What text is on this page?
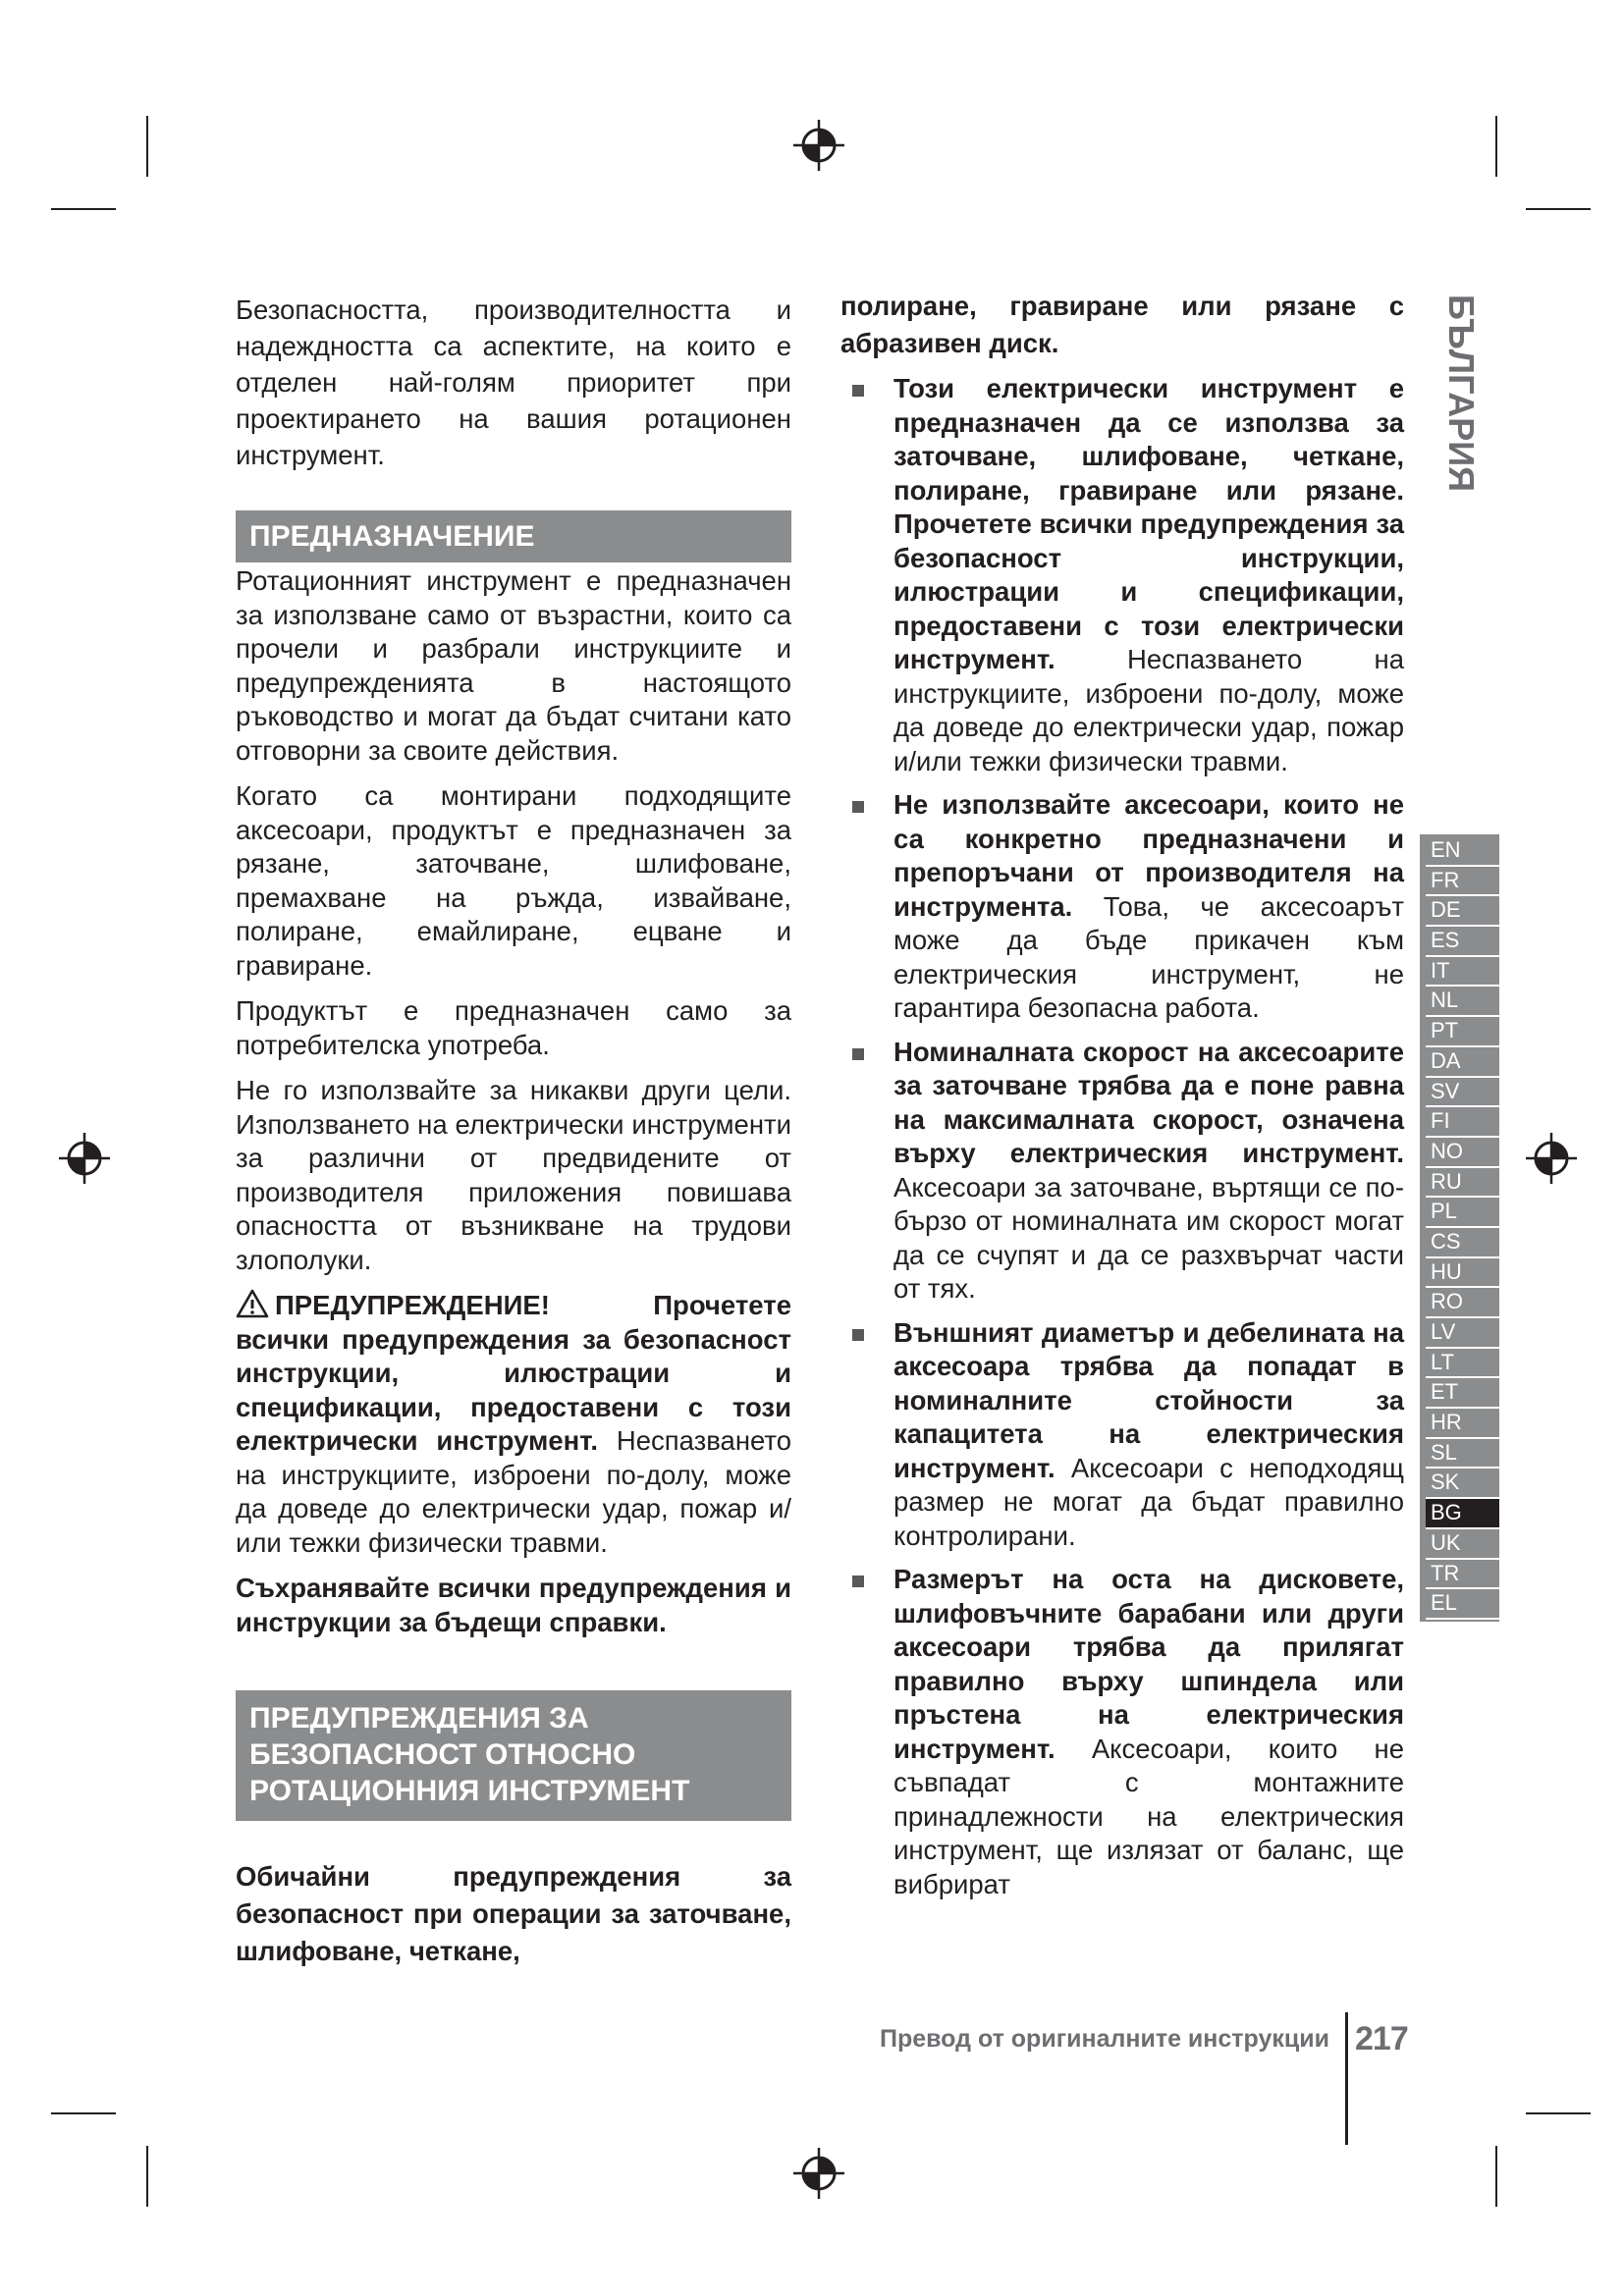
Безопасността, производителността и надеждността са аспектите, на които е отделен най-голям приоритет при проектирането на вашия ротационен инструмент.

ПРЕДНАЗНАЧЕНИЕ

Ротационният инструмент е предназначен за използване само от възрастни, които са прочели и разбрали инструкциите и предупрежденията в настоящото ръководство и могат да бъдат считани като отговорни за своите действия.

Когато са монтирани подходящите аксесоари, продуктът е предназначен за рязане, заточване, шлифоване, премахване на ръжда, извайване, полиране, емайлиране, ецване и гравиране.

Продуктът е предназначен само за потребителска употреба.

Не го използвайте за никакви други цели. Използването на електрически инструменти за различни от предвидените от производителя приложения повишава опасността от възникване на трудови злополуки.

ПРЕДУПРЕЖДЕНИЕ! Прочетете всички предупреждения за безопасност инструкции, илюстрации и спецификации, предоставени с този електрически инструмент. Неспазването на инструкциите, изброени по-долу, може да доведе до електрически удар, пожар и/или тежки физически травми.

Съхранявайте всички предупреждения и инструкции за бъдещи справки.

ПРЕДУПРЕЖДЕНИЯ ЗА БЕЗОПАСНОСТ ОТНОСНО РОТАЦИОННИЯ ИНСТРУМЕНТ

Обичайни предупреждения за безопасност при операции за заточване, шлифоване, четкане,

полиране, гравиране или рязане с абразивен диск.

Този електрически инструмент е предназначен да се използва за заточване, шлифоване, четкане, полиране, гравиране или рязане. Прочетете всички предупреждения за безопасност инструкции, илюстрации и спецификации, предоставени с този електрически инструмент.	Неспазването на инструкциите, изброени по-долу, може да доведе до електрически удар, пожар и/или тежки физически травми.
Не използвайте аксесоари, които не са конкретно предназначени и препоръчани от производителя на инструмента. Това, че аксесоарът може да бъде прикачен към електрическия инструмент, не гарантира безопасна работа.
Номиналната скорост на аксесоарите за заточване трябва да е поне равна на максималната скорост, означена върху електрическия инструмент. Аксесоари за заточване, въртящи се по-бързо от номиналната им скорост могат да се счупят и да се разхвърчат части от тях.
Външният диаметър и дебелината на аксесоара трябва да попадат в номиналните стойности за капацитета на електрическия инструмент. Аксесоари с неподходящ размер не могат да бъдат правилно контролирани.
Размерът на оста на дисковете, шлифовъчните барабани или други аксесоари трябва да прилягат правилно върху шпиндела или пръстена на електрическия инструмент. Аксесоари, които не съвпадат с монтажните принадлежности на електрическия инструмент, ще излязат от баланс, ще вибрират
БЪЛГАРИЯ
EN
FR
DE
ES
IT
NL
PT
DA
SV
FI
NO
RU
PL
CS
HU
RO
LV
LT
ET
HR
SL
SK
BG
UK
TR
EL
Превод от оригиналните инструкции 217
